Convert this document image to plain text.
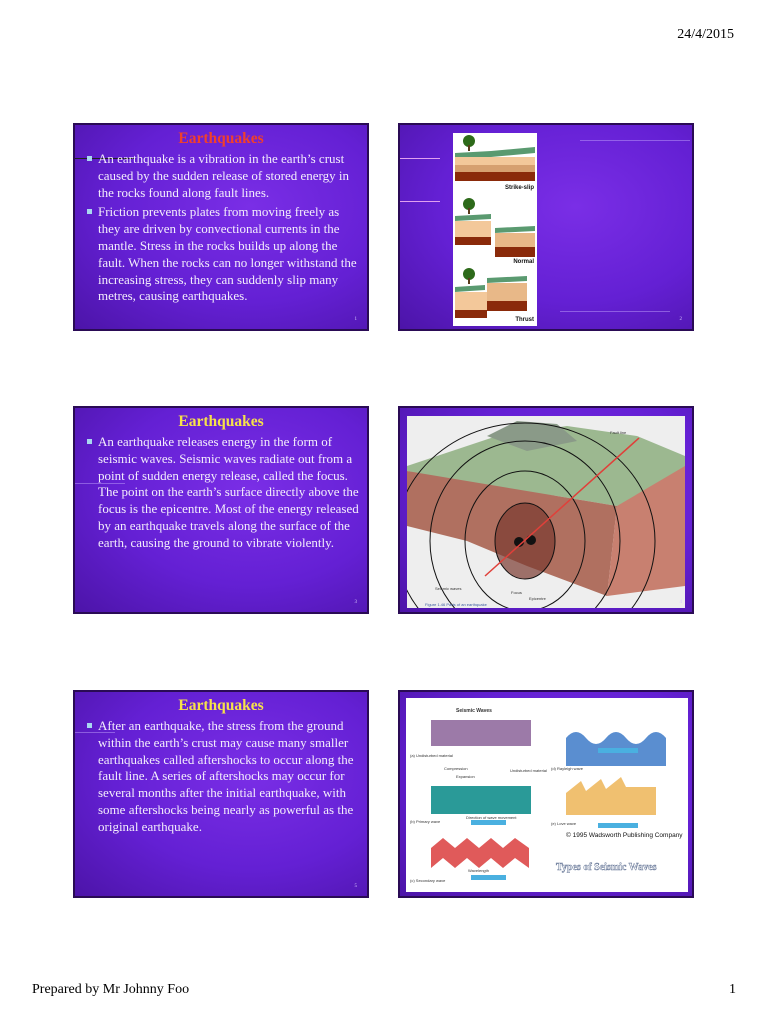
24/4/2015
Earthquakes
An earthquake is a vibration in the earth’s crust caused by the sudden release of stored energy in the rocks found along fault lines.
Friction prevents plates from moving freely as they are driven by convectional currents in the mantle. Stress in the rocks builds up along the fault. When the rocks can no longer withstand the increasing stress, they can suddenly slip many metres, causing earthquakes.
1
Strike-slip
Normal
Thrust	2
Earthquakes
An earthquake releases energy in the form of seismic waves. Seismic waves radiate out from a point of sudden energy release, called the focus. The point on the earth’s surface directly above the focus is the epicentre. Most of the energy released by an earthquake travels along the surface of the earth, causing the ground to vibrate violently.
3
Fault line
Seismic waves
Focus
Epicentre
Figure 1.46 Parts of an earthquake	4
Earthquakes
After an earthquake, the stress from the ground within the earth’s crust may cause many smaller earthquakes called aftershocks to occur along the fault line. A series of aftershocks may occur for several months after the initial earthquake, with some aftershocks being nearly as powerful as the original earthquake.
5
Seismic Waves
(a) Undisturbed material
Compression
Expansion
Undisturbed material
(b) Primary wave
Direction of wave movement
Wavelength
(c) Secondary wave
(d) Rayleigh wave
(e) Love wave
© 1995 Wadsworth Publishing Company
Types of Seismic Waves
Prepared by Mr Johnny Foo	1
